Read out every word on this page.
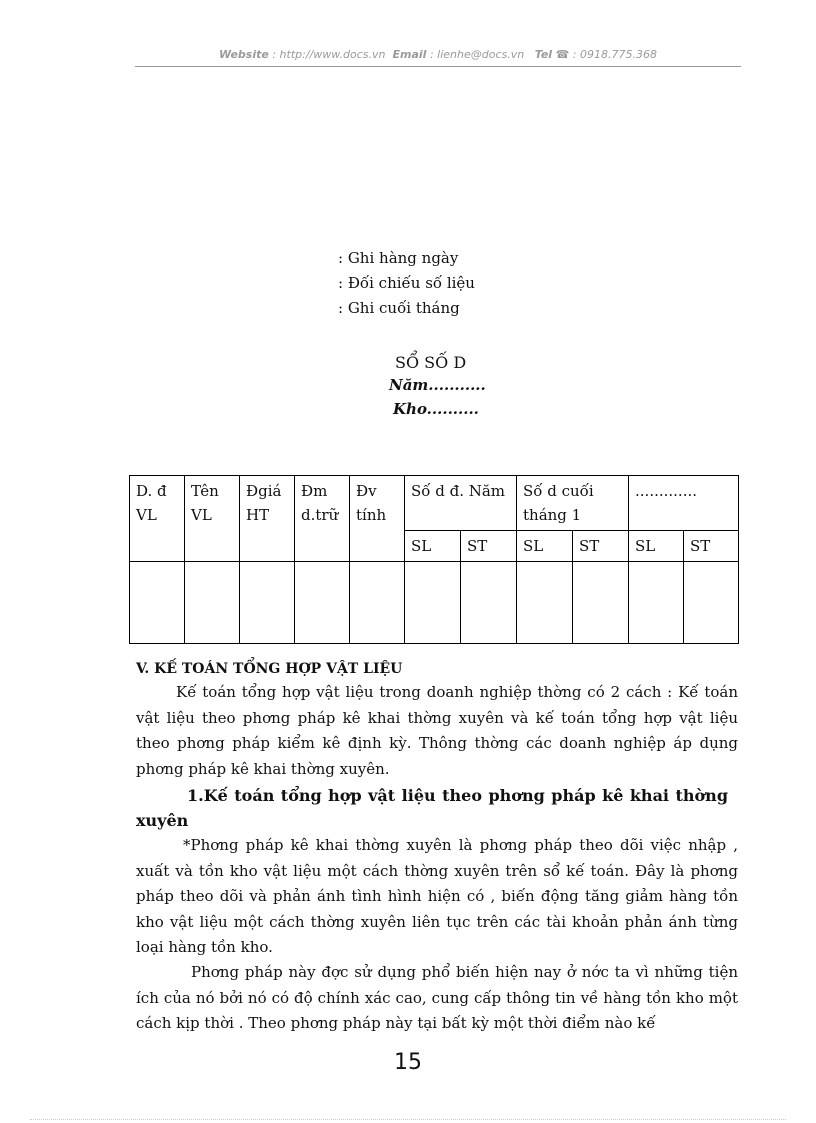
Website : http://www.docs.vn Email : lienhe@docs.vn Tel ☎ : 0918.775.368
: Ghi hàng ngày
: Đối chiếu số liệu
: Ghi cuối tháng
SỔ SỐ D
Năm...........
Kho..........
D. đ VL	Tên VL	Đgiá HT	Đm d.trữ	Đv tính	Số d đ. Năm		Số d cuối tháng 1		.............	
					SL	ST	SL	ST	SL	ST

V. KẾ TOÁN TỔNG HỢP VẬT LIỆU
Kế toán tổng hợp vật liệu trong doanh nghiệp thờng có 2 cách : Kế toán vật liệu theo phơng pháp kê khai thờng xuyên và kế toán tổng hợp vật liệu theo phơng pháp kiểm kê định kỳ. Thông thờng các doanh nghiệp áp dụng phơng pháp kê khai thờng xuyên.
1.Kế toán tổng hợp vật liệu theo phơng pháp kê khai thờng xuyên
*Phơng pháp kê khai thờng xuyên là phơng pháp theo dõi việc nhập , xuất và tồn kho vật liệu một cách thờng xuyên trên sổ kế toán. Đây là phơng pháp theo dõi và phản ánh tình hình hiện có , biến động tăng giảm hàng tồn kho vật liệu một cách thờng xuyên liên tục trên các tài khoản phản ánh từng loại hàng tồn kho.
Phơng pháp này đợc sử dụng phổ biến hiện nay ở nớc ta vì những tiện ích của nó bởi nó có độ chính xác cao, cung cấp thông tin về hàng tồn kho một cách kịp thời . Theo phơng pháp này tại bất kỳ một thời điểm nào kế
15
